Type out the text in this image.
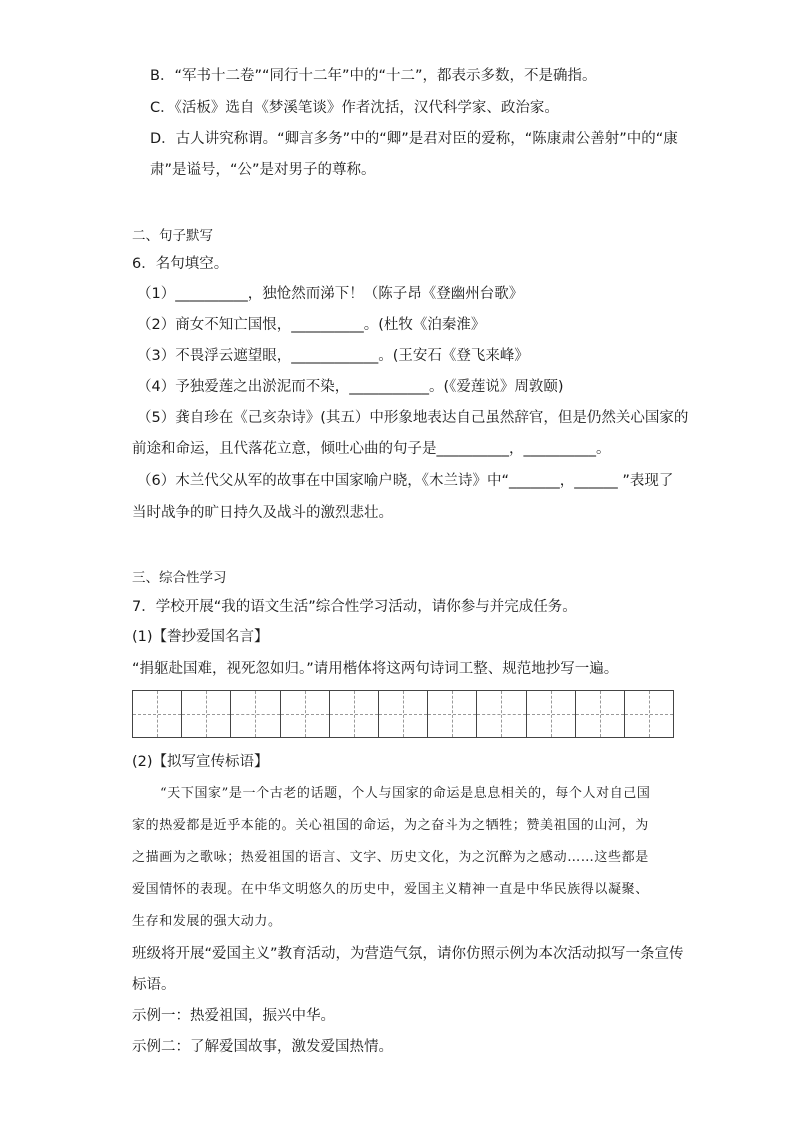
B．“军书十二卷”“同行十二年”中的“十二”，都表示多数，不是确指。
C．《活板》选自《梦溪笔谈》作者沈括，汉代科学家、政治家。
D．古人讲究称谓。“卿言多务”中的“卿”是君对臣的爱称，“陈康肃公善射”中的“康
肃”是谥号，“公”是对男子的尊称。
二、句子默写
6．名句填空。
（1）__________，独怆然而涕下！（陈子昂《登幽州台歌》
（2）商女不知亡国恨，__________。(杜牧《泊秦淮》
（3）不畏浮云遮望眼，____________。(王安石《登飞来峰》
（4）予独爱莲之出淤泥而不染，___________。(《爱莲说》周敦颐)
（5）龚自珍在《己亥杂诗》(其五）中形象地表达自己虽然辞官，但是仍然关心国家的
前途和命运，且代落花立意，倾吐心曲的句子是__________，__________。
（6）木兰代父从军的故事在中国家喻户晓，《木兰诗》中“_______，______ ”表现了
当时战争的旷日持久及战斗的激烈悲壮。
三、综合性学习
7．学校开展“我的语文生活”综合性学习活动，请你参与并完成任务。
(1)【誊抄爱国名言】
“捐躯赴国难，视死忽如归。”请用楷体将这两句诗词工整、规范地抄写一遍。
(2)【拟写宣传标语】
“天下国家”是一个古老的话题，个人与国家的命运是息息相关的，每个人对自己国
家的热爱都是近乎本能的。关心祖国的命运，为之奋斗为之牺牲；赞美祖国的山河，为
之描画为之歌咏；热爱祖国的语言、文字、历史文化，为之沉醉为之感动……这些都是
爱国情怀的表现。在中华文明悠久的历史中，爱国主义精神一直是中华民族得以凝聚、
生存和发展的强大动力。
班级将开展“爱国主义”教育活动，为营造气氛，请你仿照示例为本次活动拟写一条宣传
标语。
示例一：热爱祖国，振兴中华。
示例二：了解爱国故事，激发爱国热情。
